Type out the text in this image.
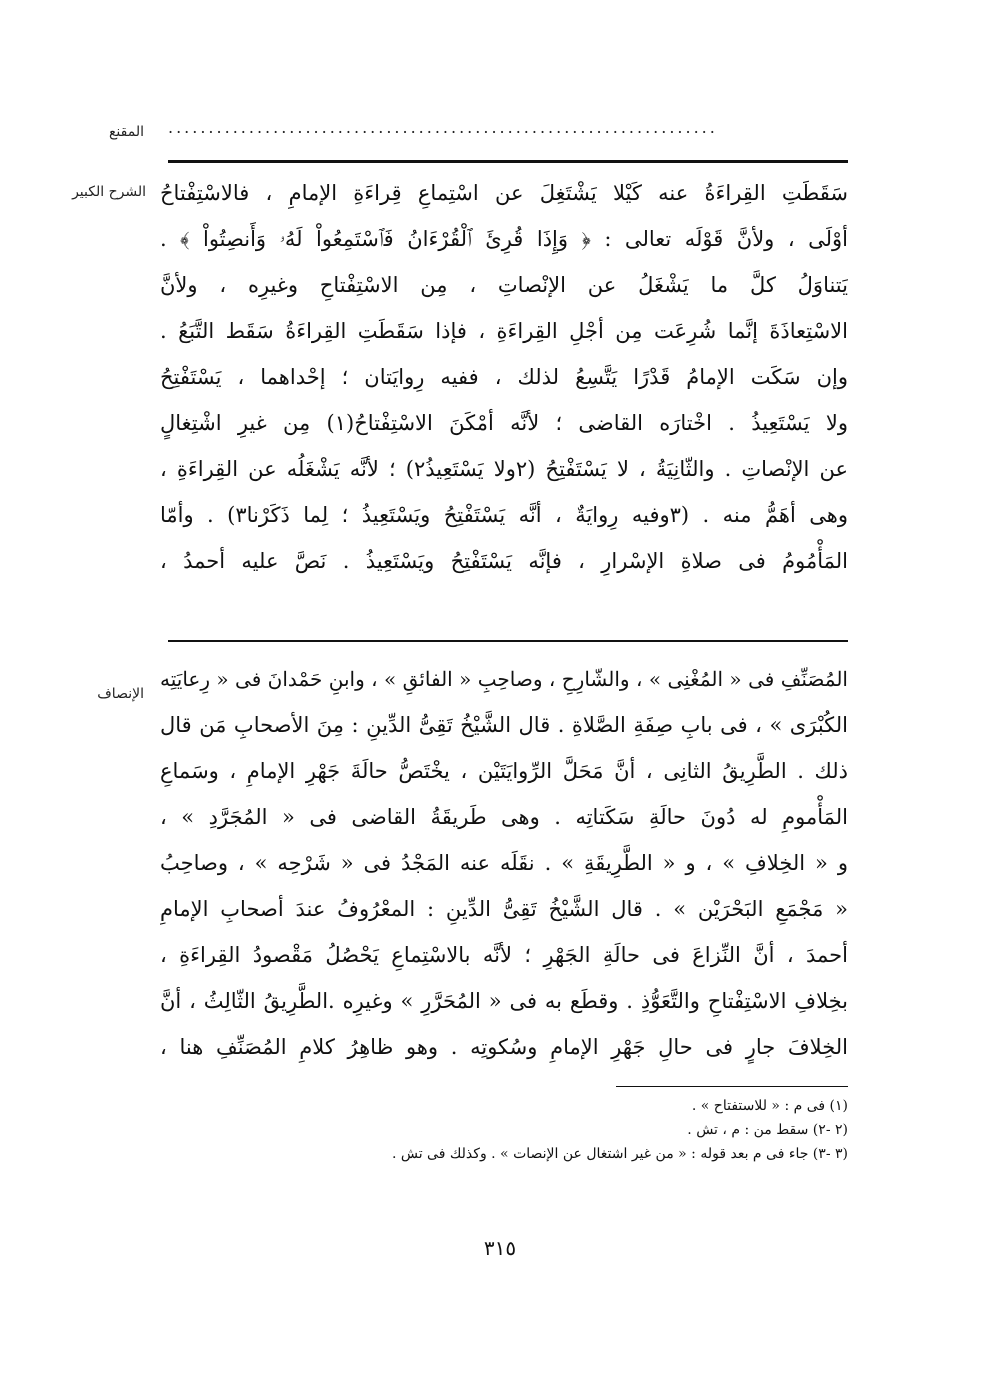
المقنع ....................................................................
الشرح الكبير
الإنصاف
سَقَطَتِ القِراءَةُ عنه كَيْلا يَشْتَغِلَ عن اسْتِماعِ قِراءَةِ الإمامِ ، فالاسْتِفْتاحُ
أوْلَى ، ولأنَّ قَوْلَه تعالى : ﴿ وَإِذَا قُرِئَ ٱلْقُرْءَانُ فَٱسْتَمِعُواْ لَهُۥ وَأَنصِتُواْ ﴾ .
يَتناوَلُ كلَّ ما يَشْغَلُ عن الإنْصاتِ ، مِن الاسْتِفْتاحِ وغيرِه ، ولأنَّ
الاسْتِعاذَةَ إنَّما شُرِعَت مِن أجْلِ القِراءَةِ ، فإذا سَقَطَتِ القِراءَةُ سَقَط التَّبَعُ .
وإن سَكَت الإمامُ قَدْرًا يَتَّسِعُ لذلك ، ففيه رِوايَتان ؛ إحْداهما ، يَسْتَفْتِحُ
ولا يَسْتَعِيذُ . اخْتارَه القاضى ؛ لأنَّه أمْكَنَ الاسْتِفْتاحُ(١) مِن غيرِ اشْتِغالٍ
عن الإنْصاتِ . والثّانِيَةُ ، لا يَسْتَفْتِحُ (٢ولا يَسْتَعِيذُ٢) ؛ لأنَّه يَشْغَلُه عن القِراءَةِ ،
وهى أهَمُّ منه . (٣وفيه رِوايَةٌ ، أنَّه يَسْتَفْتِحُ ويَسْتَعِيذُ ؛ لِما ذَكَرْنا٣) . وأمّا
المَأْمُومُ فى صلاةِ الإسْرارِ ، فإنَّه يَسْتَفْتِحُ ويَسْتَعِيذُ . نَصَّ عليه أحمدُ ،
المُصَنِّفِ فى « المُغْنِى » ، والشّارِحِ ، وصاحِبِ « الفائقِ » ، وابنِ حَمْدانَ فى « رِعايَتِه
الكُبْرَى » ، فى بابِ صِفَةِ الصَّلاةِ . قال الشَّيْخُ تَقِىُّ الدِّينِ : مِنَ الأصحابِ مَن قال
ذلك . الطَّرِيقُ الثانِى ، أنَّ مَحَلَّ الرِّوايَتَيْن ، يخْتَصُّ حالَةَ جَهْرِ الإمامِ ، وسَماعِ
المَأْمومِ له دُونَ حالَةِ سَكَتاتِه . وهى طَريقَةُ القاضى فى « المُجَرَّدِ » ،
و « الخِلافِ » ، و « الطَّرِيقَةِ » . نقَلَه عنه المَجْدُ فى « شَرْحِه » ، وصاحِبُ
« مَجْمَعِ البَحْرَيْن » . قال الشَّيْخُ تَقِىُّ الدِّينِ : المعْرُوفُ عندَ أصحابِ الإمامِ
أحمدَ ، أنَّ النِّزاعَ فى حالَةِ الجَهْرِ ؛ لأنَّه بالاسْتِماعِ يَحْصُلُ مَقْصودُ القِراءَةِ ،
بخِلافِ الاسْتِفْتاحِ والتَّعَوُّذِ . وقطَع به فى « المُحَرَّرِ » وغيرِه .الطَّرِيقُ الثّالِثُ ، أنَّ
الخِلافَ جارٍ فى حالِ جَهْرِ الإمامِ وسُكوتِه . وهو ظاهِرُ كلامِ المُصَنِّفِ هنا ،
(١) فى م : « للاستفتاح » .
(٢ -٢) سقط من : م ، تش .
(٣ -٣) جاء فى م بعد قوله : « من غير اشتغال عن الإنصات » . وكذلك فى تش .
٣١٥
